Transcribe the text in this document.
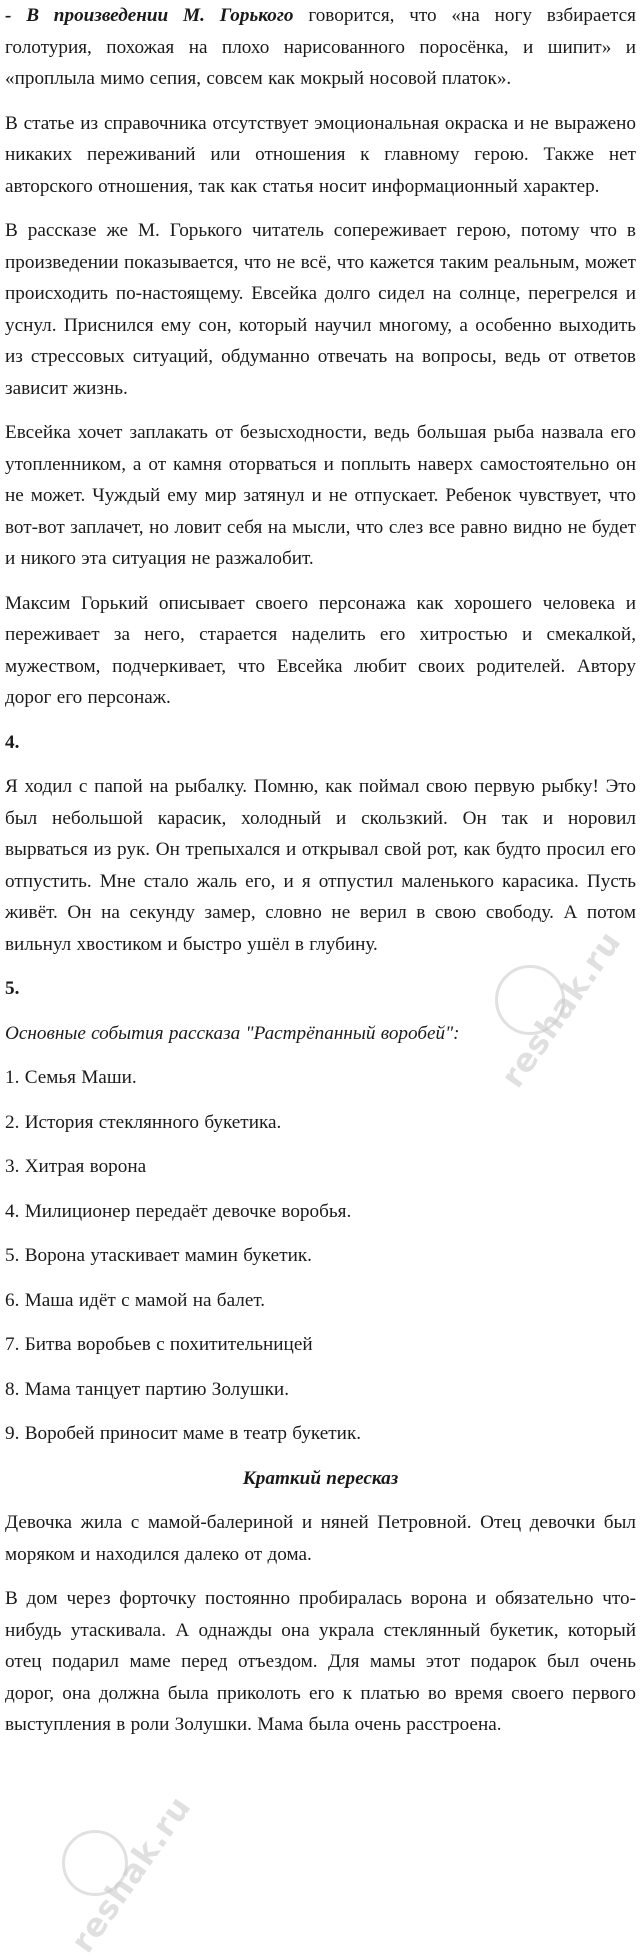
- В произведении М. Горького говорится, что «на ногу взбирается голотурия, похожая на плохо нарисованного поросёнка, и шипит» и «проплыла мимо сепия, совсем как мокрый носовой платок».

В статье из справочника отсутствует эмоциональная окраска и не выражено никаких переживаний или отношения к главному герою. Также нет авторского отношения, так как статья носит информационный характер.

В рассказе же М. Горького читатель сопереживает герою, потому что в произведении показывается, что не всё, что кажется таким реальным, может происходить по-настоящему. Евсейка долго сидел на солнце, перегрелся и уснул. Приснился ему сон, который научил многому, а особенно выходить из стрессовых ситуаций, обдуманно отвечать на вопросы, ведь от ответов зависит жизнь.

Евсейка хочет заплакать от безысходности, ведь большая рыба назвала его утопленником, а от камня оторваться и поплыть наверх самостоятельно он не может. Чуждый ему мир затянул и не отпускает. Ребенок чувствует, что вот-вот заплачет, но ловит себя на мысли, что слез все равно видно не будет и никого эта ситуация не разжалобит.

Максим Горький описывает своего персонажа как хорошего человека и переживает за него, старается наделить его хитростью и смекалкой, мужеством, подчеркивает, что Евсейка любит своих родителей. Автору дорог его персонаж.

4.

Я ходил с папой на рыбалку. Помню, как поймал свою первую рыбку! Это был небольшой карасик, холодный и скользкий. Он так и норовил вырваться из рук. Он трепыхался и открывал свой рот, как будто просил его отпустить. Мне стало жаль его, и я отпустил маленького карасика. Пусть живёт. Он на секунду замер, словно не верил в свою свободу. А потом вильнул хвостиком и быстро ушёл в глубину.

5.

Основные события рассказа "Растрёпанный воробей":

1. Семья Маши.

2. История стеклянного букетика.

3. Хитрая ворона

4. Милиционер передаёт девочке воробья.

5. Ворона утаскивает мамин букетик.

6. Маша идёт с мамой на балет.

7. Битва воробьев с похитительницей

8. Мама танцует партию Золушки.

9. Воробей приносит маме в театр букетик.

Краткий пересказ

Девочка жила с мамой-балериной и няней Петровной. Отец девочки был моряком и находился далеко от дома.

В дом через форточку постоянно пробиралась ворона и обязательно что-нибудь утаскивала. А однажды она украла стеклянный букетик, который отец подарил маме перед отъездом. Для мамы этот подарок был очень дорог, она должна была приколоть его к платью во время своего первого выступления в роли Золушки. Мама была очень расстроена.

reshak.ru
reshak.ru
